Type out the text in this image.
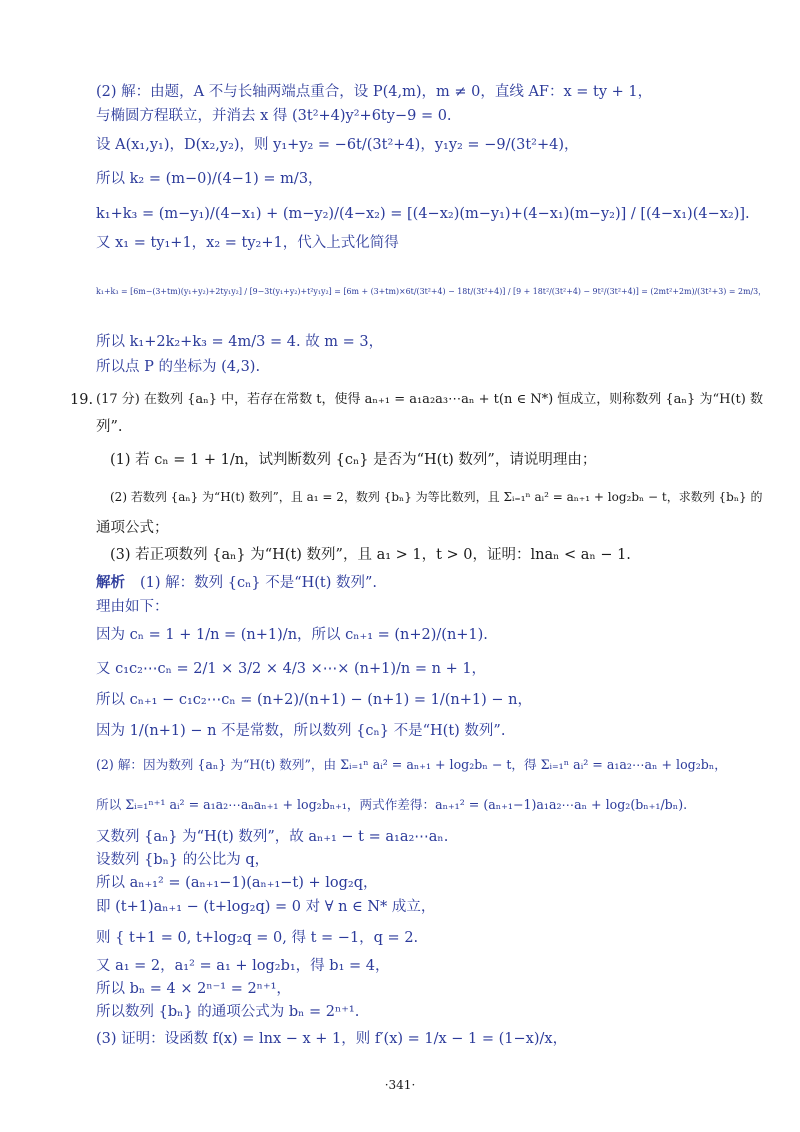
(2) 解：由题，A 不与长轴两端点重合，设 P(4,m)，m ≠ 0，直线 AF：x = ty + 1，
与椭圆方程联立，并消去 x 得 (3t²+4)y²+6ty−9 = 0.
设 A(x₁,y₁)，D(x₂,y₂)，则 y₁+y₂ = −6t/(3t²+4)，y₁y₂ = −9/(3t²+4)，
所以 k₂ = (m−0)/(4−1) = m/3，
k₁+k₃ = (m−y₁)/(4−x₁) + (m−y₂)/(4−x₂) = [(4−x₂)(m−y₁)+(4−x₁)(m−y₂)] / [(4−x₁)(4−x₂)].
又 x₁ = ty₁+1，x₂ = ty₂+1，代入上式化简得
k₁+k₃ = [6m−(3+tm)(y₁+y₂)+2ty₁y₂] / [9−3t(y₁+y₂)+t²y₁y₂] = [6m + (3+tm)×6t/(3t²+4) − 18t/(3t²+4)] / [9 + 18t²/(3t²+4) − 9t²/(3t²+4)] = (2mt²+2m)/(3t²+3) = 2m/3，
所以 k₁+2k₂+k₃ = 4m/3 = 4. 故 m = 3，
所以点 P 的坐标为 (4,3).
19. (17 分) 在数列 {aₙ} 中，若存在常数 t，使得 aₙ₊₁ = a₁a₂a₃⋯aₙ + t(n ∈ N*) 恒成立，则称数列 {aₙ} 为“H(t) 数
列”.
(1) 若 cₙ = 1 + 1/n，试判断数列 {cₙ} 是否为“H(t) 数列”，请说明理由；
(2) 若数列 {aₙ} 为“H(t) 数列”，且 a₁ = 2，数列 {bₙ} 为等比数列，且 Σᵢ₌₁ⁿ aᵢ² = aₙ₊₁ + log₂bₙ − t，求数列 {bₙ} 的
通项公式；
(3) 若正项数列 {aₙ} 为“H(t) 数列”，且 a₁ > 1，t > 0，证明：lnaₙ < aₙ − 1.
解析 (1) 解：数列 {cₙ} 不是“H(t) 数列”.
理由如下：
因为 cₙ = 1 + 1/n = (n+1)/n，所以 cₙ₊₁ = (n+2)/(n+1).
又 c₁c₂⋯cₙ = 2/1 × 3/2 × 4/3 ×⋯× (n+1)/n = n + 1，
所以 cₙ₊₁ − c₁c₂⋯cₙ = (n+2)/(n+1) − (n+1) = 1/(n+1) − n，
因为 1/(n+1) − n 不是常数，所以数列 {cₙ} 不是“H(t) 数列”.
(2) 解：因为数列 {aₙ} 为“H(t) 数列”，由 Σᵢ₌₁ⁿ aᵢ² = aₙ₊₁ + log₂bₙ − t，得 Σᵢ₌₁ⁿ aᵢ² = a₁a₂⋯aₙ + log₂bₙ，
所以 Σᵢ₌₁ⁿ⁺¹ aᵢ² = a₁a₂⋯aₙaₙ₊₁ + log₂bₙ₊₁，两式作差得：aₙ₊₁² = (aₙ₊₁−1)a₁a₂⋯aₙ + log₂(bₙ₊₁/bₙ).
又数列 {aₙ} 为“H(t) 数列”，故 aₙ₊₁ − t = a₁a₂⋯aₙ.
设数列 {bₙ} 的公比为 q，
所以 aₙ₊₁² = (aₙ₊₁−1)(aₙ₊₁−t) + log₂q，
即 (t+1)aₙ₊₁ − (t+log₂q) = 0 对 ∀ n ∈ N* 成立，
则 { t+1 = 0, t+log₂q = 0, 得 t = −1，q = 2.
又 a₁ = 2，a₁² = a₁ + log₂b₁，得 b₁ = 4，
所以 bₙ = 4 × 2ⁿ⁻¹ = 2ⁿ⁺¹，
所以数列 {bₙ} 的通项公式为 bₙ = 2ⁿ⁺¹.
(3) 证明：设函数 f(x) = lnx − x + 1，则 f′(x) = 1/x − 1 = (1−x)/x，
·341·
